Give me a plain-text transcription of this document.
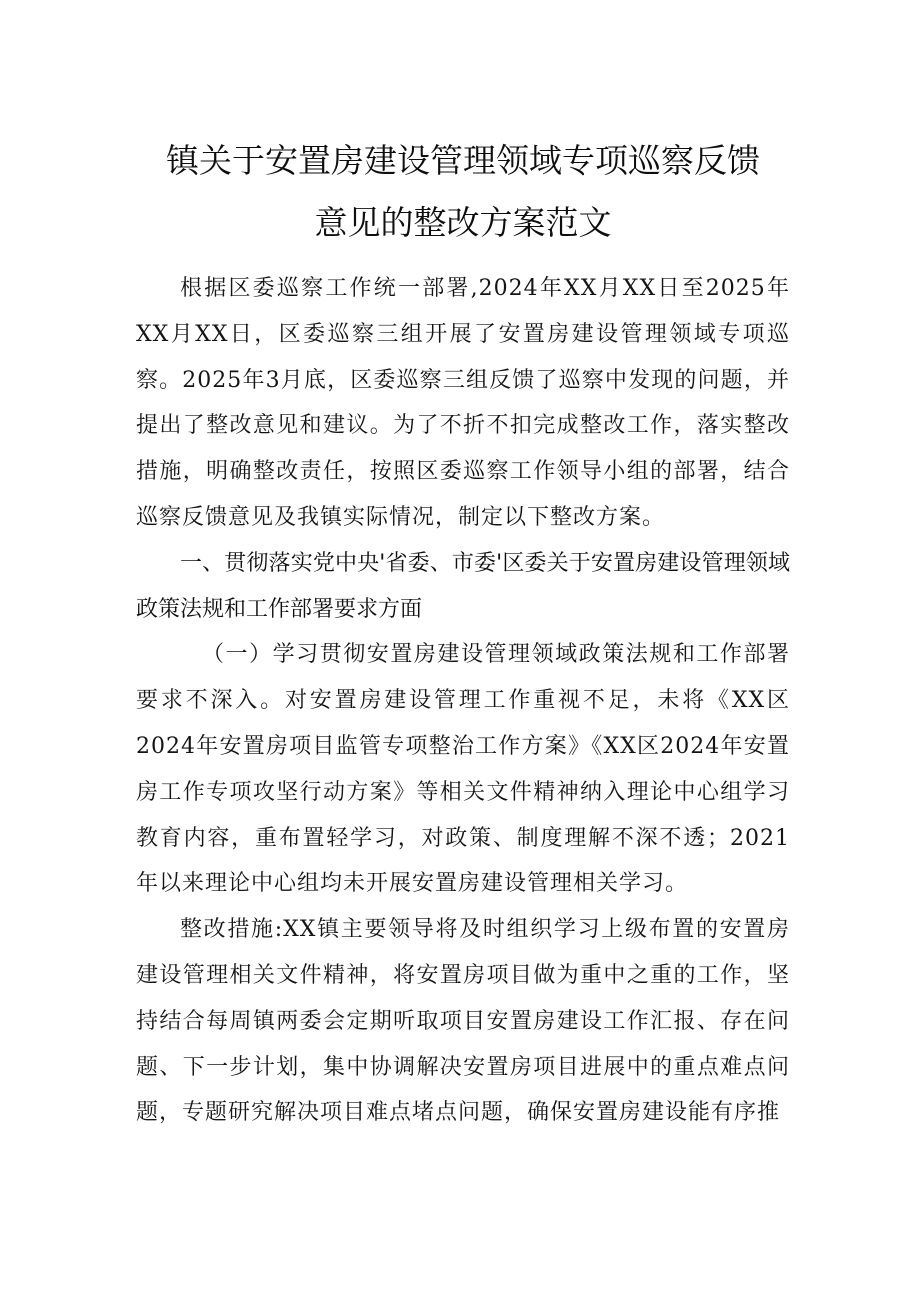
镇关于安置房建设管理领域专项巡察反馈
意见的整改方案范文

根据区委巡察工作统一部署,2024年XX月XX日至2025年XX月XX日，区委巡察三组开展了安置房建设管理领域专项巡察。2025年3月底，区委巡察三组反馈了巡察中发现的问题，并提出了整改意见和建议。为了不折不扣完成整改工作，落实整改措施，明确整改责任，按照区委巡察工作领导小组的部署，结合巡察反馈意见及我镇实际情况，制定以下整改方案。

一、贯彻落实党中央'省委、市委'区委关于安置房建设管理领域政策法规和工作部署要求方面

（一）学习贯彻安置房建设管理领域政策法规和工作部署要求不深入。对安置房建设管理工作重视不足，未将《XX区2024年安置房项目监管专项整治工作方案》《XX区2024年安置房工作专项攻坚行动方案》等相关文件精神纳入理论中心组学习教育内容，重布置轻学习，对政策、制度理解不深不透；2021年以来理论中心组均未开展安置房建设管理相关学习。

整改措施:XX镇主要领导将及时组织学习上级布置的安置房建设管理相关文件精神，将安置房项目做为重中之重的工作，坚持结合每周镇两委会定期听取项目安置房建设工作汇报、存在问题、下一步计划，集中协调解决安置房项目进展中的重点难点问题，专题研究解决项目难点堵点问题，确保安置房建设能有序推
